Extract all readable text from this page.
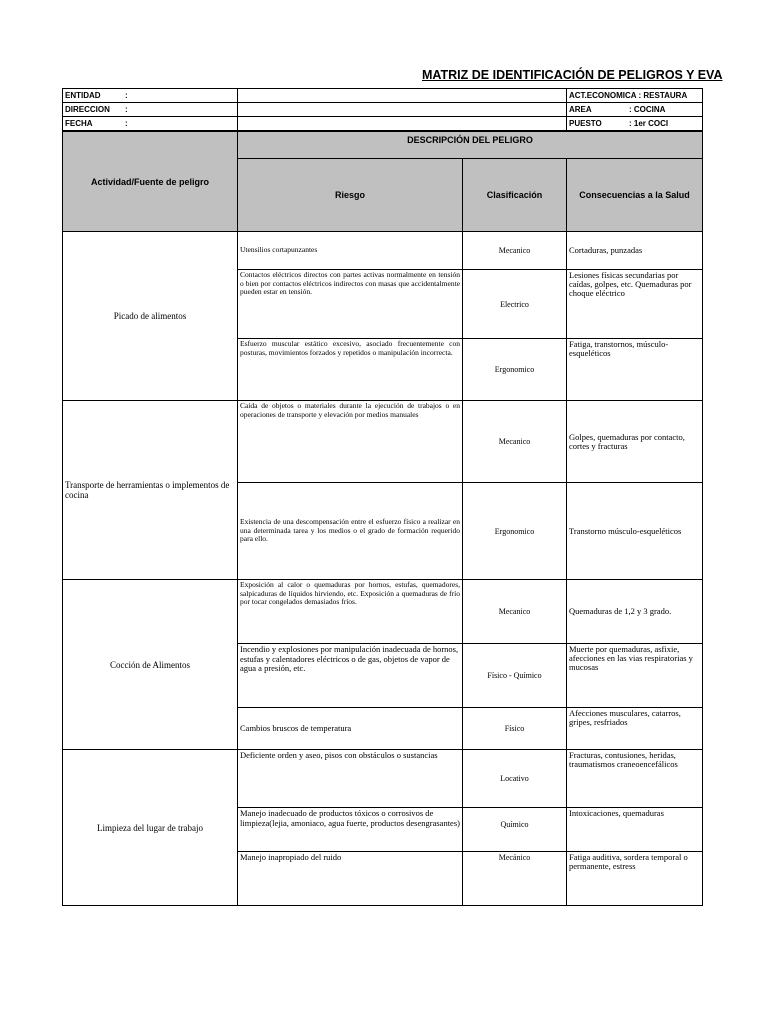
MATRIZ DE IDENTIFICACIÓN DE PELIGROS Y EVA
ENTIDAD :		ACT.ECONOMICA : RESTAURA
DIRECCION :		AREA : COCINA
FECHA :		PUESTO : 1er COCI
Actividad/Fuente de peligro	DESCRIPCIÓN DEL PELIGRO		
	Riesgo	Clasificación	Consecuencias a la Salud
Picado de alimentos	Utensilios cortapunzantes	Mecanico	Cortaduras, punzadas
	Contactos eléctricos directos con partes activas normalmente en tensión o bien por contactos eléctricos indirectos con masas que accidentalmente pueden estar en tensión.	Electrico	Lesiones físicas secundarias por caídas, golpes, etc. Quemaduras por choque eléctrico
	Esfuerzo muscular estático excesivo, asociado frecuentemente con posturas, movimientos forzados y repetidos o manipulación incorrecta.	Ergonomico	Fatiga, transtornos, músculo-esqueléticos
Transporte de herramientas o implementos de cocina	Caída de objetos o materiales durante la ejecución de trabajos o en operaciones de transporte y elevación por medios manuales	Mecanico	Golpes, quemaduras por contacto, cortes y fracturas
	Existencia de una descompensación entre el esfuerzo físico a realizar en una determinada tarea y los medios o el grado de formación requerido para ello.	Ergonomico	Transtorno músculo-esqueléticos
Cocción de Alimentos	Exposición al calor o quemaduras por hornos, estufas, quemadores, salpicaduras de líquidos hirviendo, etc. Exposición a quemaduras de frío por tocar congelados demasiados fríos.	Mecanico	Quemaduras de 1,2 y 3 grado.
	Incendio y explosiones por manipulación inadecuada de hornos, estufas y calentadores eléctricos o de gas, objetos de vapor de agua a presión, etc.	Físico - Químico	Muerte por quemaduras, asfixie, afecciones en las vias respiratorias y mucosas
	Cambios bruscos de temperatura	Físico	Afecciones musculares, catarros, gripes, resfriados
Limpieza del lugar de trabajo	Deficiente orden y aseo, pisos con obstáculos o sustancias	Locativo	Fracturas, contusiones, heridas, traumatismos craneoencefálicos
	Manejo inadecuado de productos tóxicos o corrosivos de limpieza(lejia, amoniaco, agua fuerte, productos desengrasantes)	Químico	Intoxicaciones, quemaduras
	Manejo inapropiado del ruido	Mecánico	Fatiga auditiva, sordera temporal o permanente, estress
